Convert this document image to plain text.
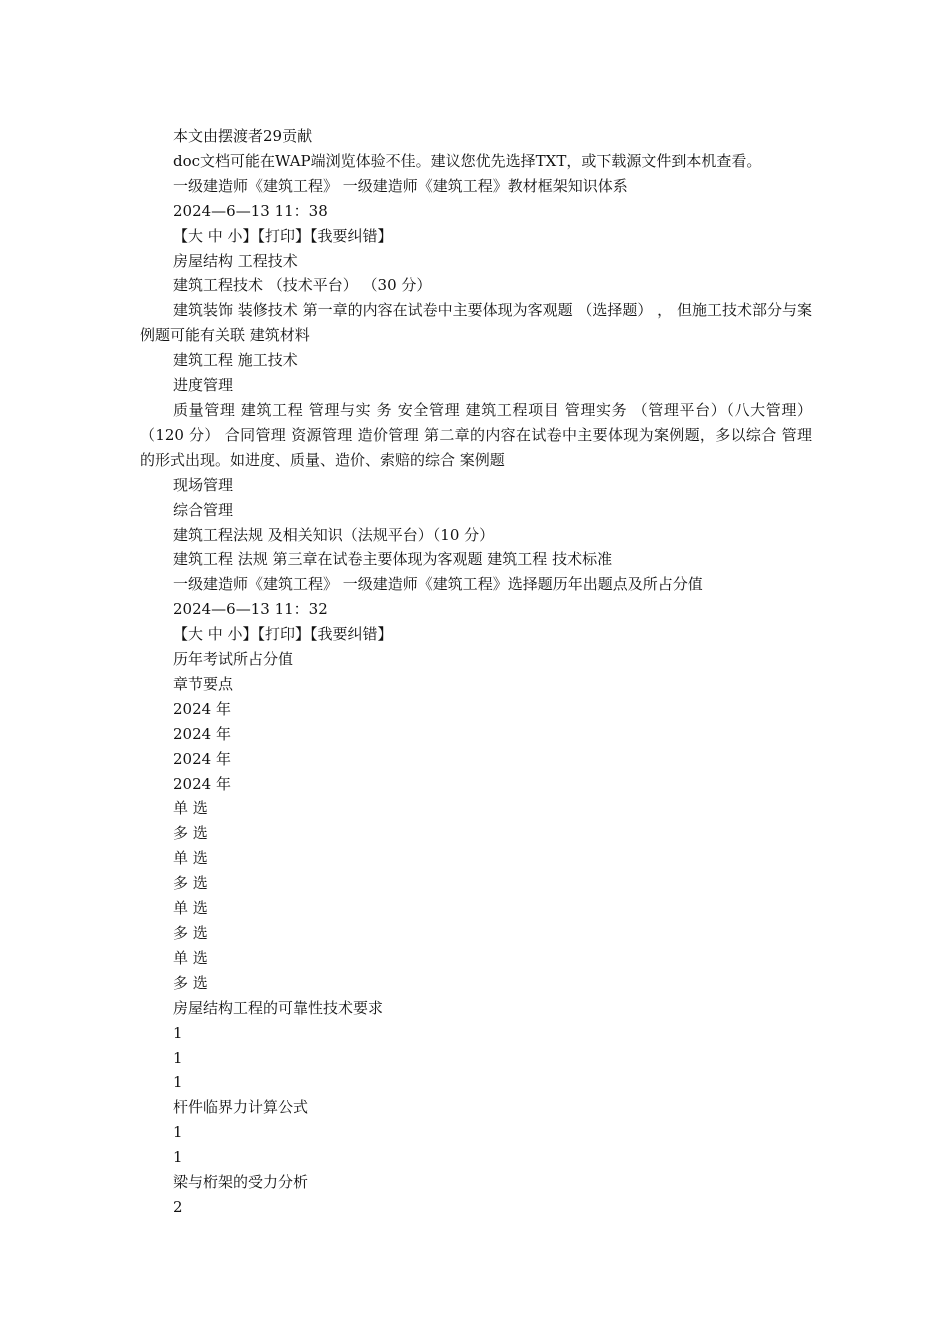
本文由摆渡者29贡献
doc文档可能在WAP端浏览体验不佳。建议您优先选择TXT，或下载源文件到本机查看。
一级建造师《建筑工程》 一级建造师《建筑工程》教材框架知识体系
2024—6—13 11：38
【大 中 小】【打印】【我要纠错】
房屋结构 工程技术
建筑工程技术 （技术平台） （30 分）
建筑装饰 装修技术 第一章的内容在试卷中主要体现为客观题 （选择题） ， 但施工技术部分与案例题可能有关联 建筑材料
建筑工程 施工技术
进度管理
质量管理 建筑工程 管理与实 务 安全管理 建筑工程项目 管理实务 （管理平台）（八大管理） （120 分） 合同管理 资源管理 造价管理 第二章的内容在试卷中主要体现为案例题，多以综合 管理的形式出现。如进度、质量、造价、索赔的综合 案例题
现场管理
综合管理
建筑工程法规 及相关知识（法规平台）（10 分）
建筑工程 法规 第三章在试卷主要体现为客观题 建筑工程 技术标准
一级建造师《建筑工程》 一级建造师《建筑工程》选择题历年出题点及所占分值
2024—6—13 11：32
【大 中 小】【打印】【我要纠错】
历年考试所占分值
章节要点
2024 年
2024 年
2024 年
2024 年
单 选
多 选
单 选
多 选
单 选
多 选
单 选
多 选
房屋结构工程的可靠性技术要求
1
1
1
杆件临界力计算公式
1
1
梁与桁架的受力分析
2
